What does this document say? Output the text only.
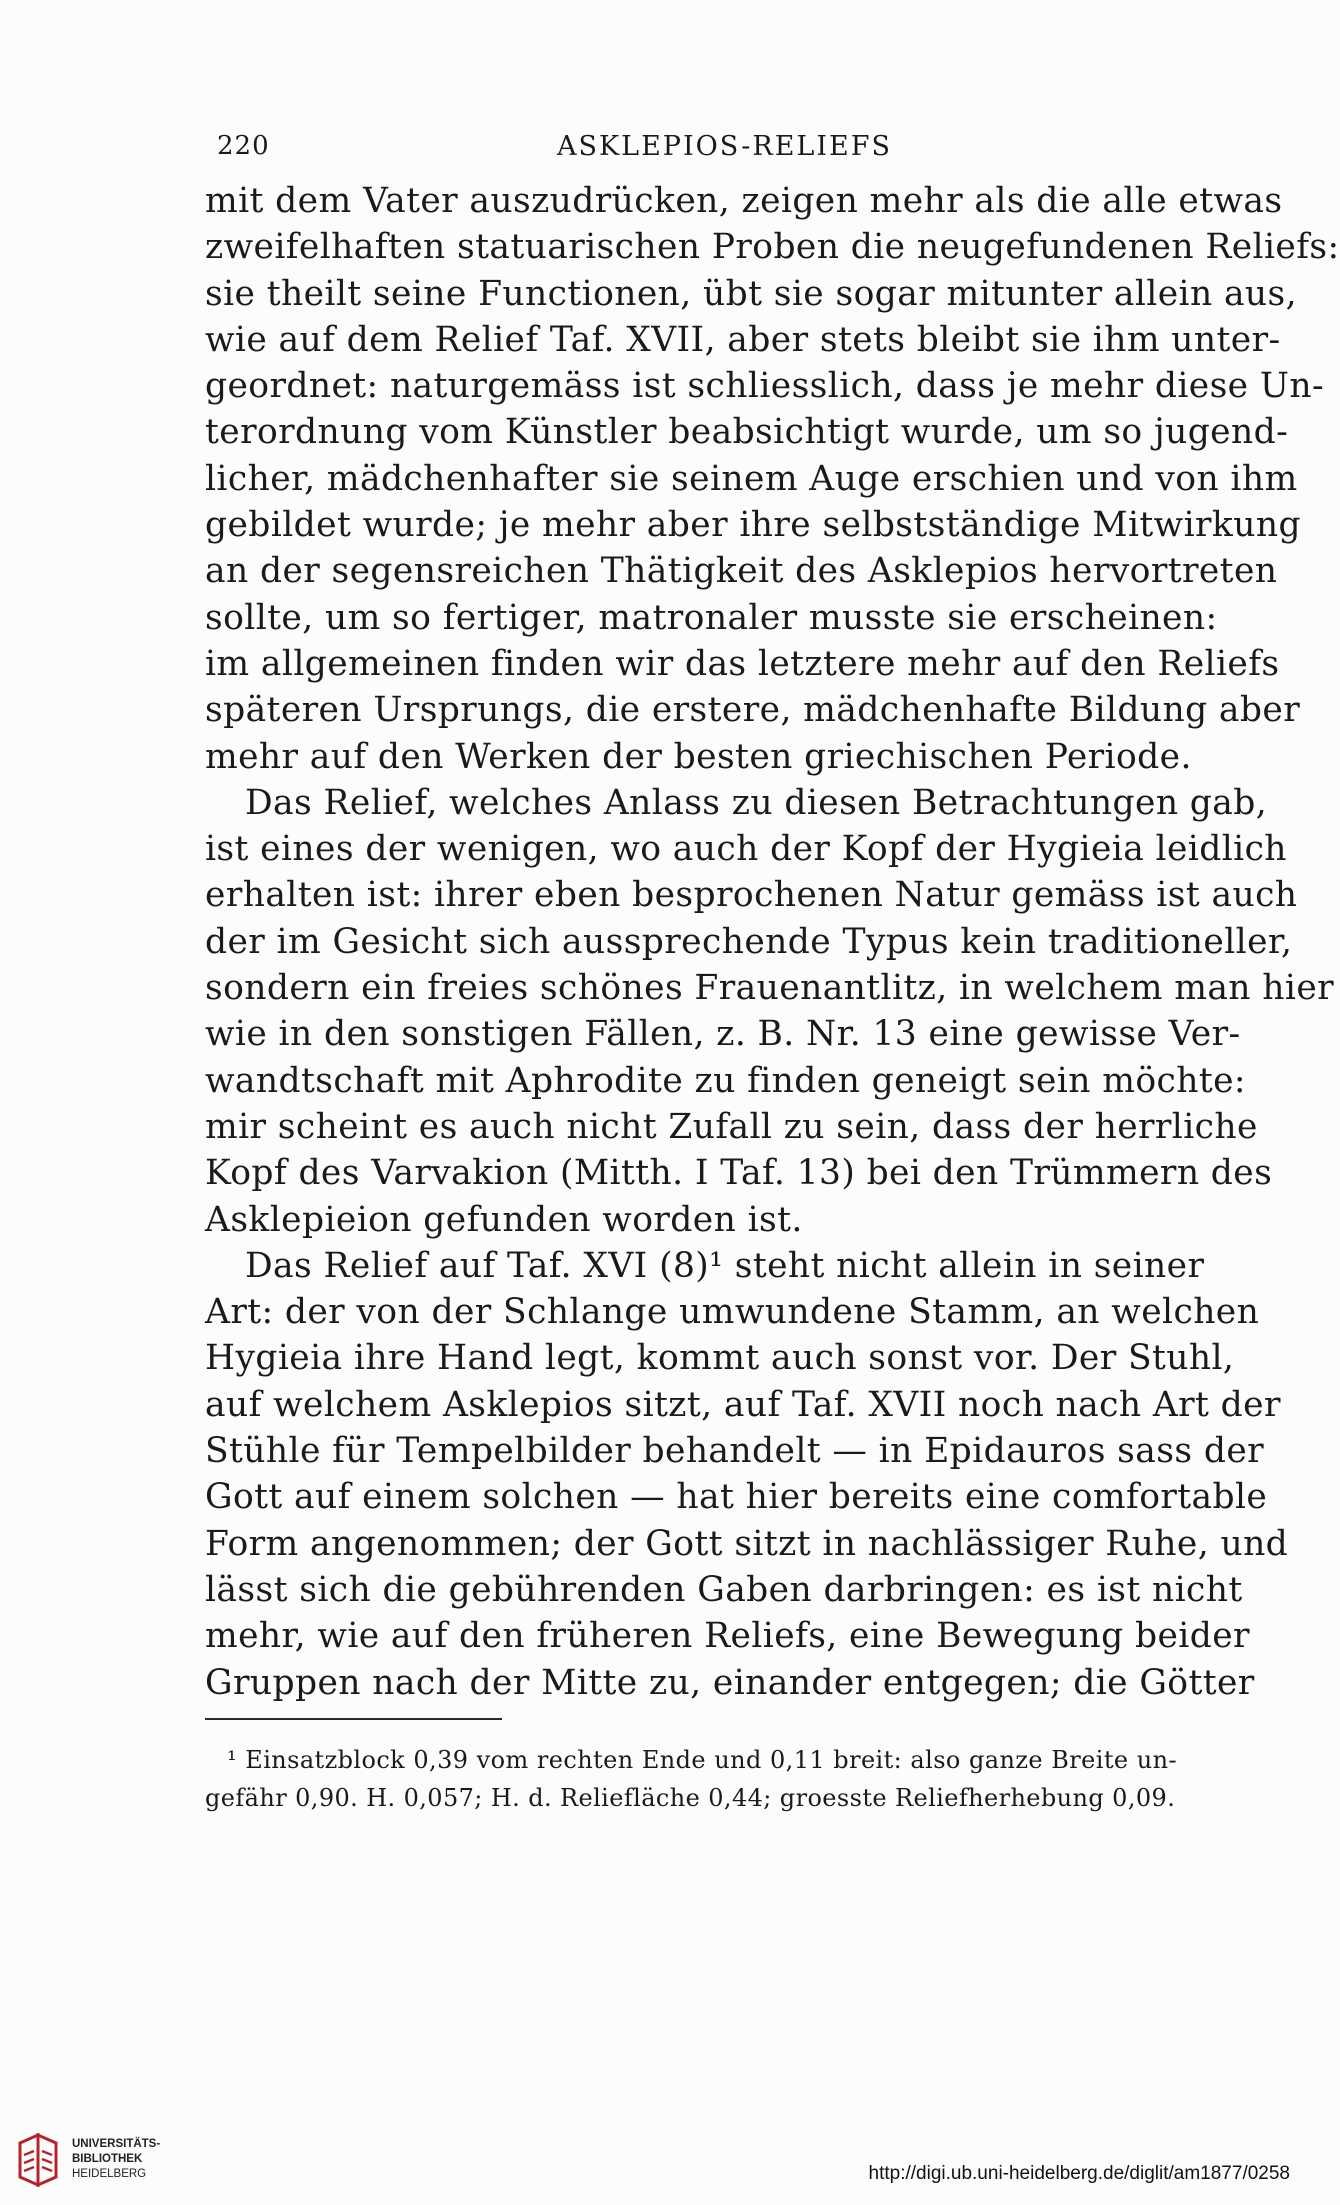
220	ASKLEPIOS-RELIEFS
mit dem Vater auszudrücken, zeigen mehr als die alle etwas
zweifelhaften statuarischen Proben die neugefundenen Reliefs:
sie theilt seine Functionen, übt sie sogar mitunter allein aus,
wie auf dem Relief Taf. XVII, aber stets bleibt sie ihm unter-
geordnet: naturgemäss ist schliesslich, dass je mehr diese Un-
terordnung vom Künstler beabsichtigt wurde, um so jugend-
licher, mädchenhafter sie seinem Auge erschien und von ihm
gebildet wurde; je mehr aber ihre selbstständige Mitwirkung
an der segensreichen Thätigkeit des Asklepios hervortreten
sollte, um so fertiger, matronaler musste sie erscheinen:
im allgemeinen finden wir das letztere mehr auf den Reliefs
späteren Ursprungs, die erstere, mädchenhafte Bildung aber
mehr auf den Werken der besten griechischen Periode.
Das Relief, welches Anlass zu diesen Betrachtungen gab,
ist eines der wenigen, wo auch der Kopf der Hygieia leidlich
erhalten ist: ihrer eben besprochenen Natur gemäss ist auch
der im Gesicht sich aussprechende Typus kein traditioneller,
sondern ein freies schönes Frauenantlitz, in welchem man hier
wie in den sonstigen Fällen, z. B. Nr. 13 eine gewisse Ver-
wandtschaft mit Aphrodite zu finden geneigt sein möchte:
mir scheint es auch nicht Zufall zu sein, dass der herrliche
Kopf des Varvakion (Mitth. I Taf. 13) bei den Trümmern des
Asklepieion gefunden worden ist.
Das Relief auf Taf. XVI (8)¹ steht nicht allein in seiner
Art: der von der Schlange umwundene Stamm, an welchen
Hygieia ihre Hand legt, kommt auch sonst vor. Der Stuhl,
auf welchem Asklepios sitzt, auf Taf. XVII noch nach Art der
Stühle für Tempelbilder behandelt — in Epidauros sass der
Gott auf einem solchen — hat hier bereits eine comfortable
Form angenommen; der Gott sitzt in nachlässiger Ruhe, und
lässt sich die gebührenden Gaben darbringen: es ist nicht
mehr, wie auf den früheren Reliefs, eine Bewegung beider
Gruppen nach der Mitte zu, einander entgegen; die Götter
¹ Einsatzblock 0,39 vom rechten Ende und 0,11 breit: also ganze Breite un-
gefähr 0,90. H. 0,057; H. d. Reliefläche 0,44; groesste Reliefherhebung 0,09.
UNIVERSITÄTS-
BIBLIOTHEK
HEIDELBERG	http://digi.ub.uni-heidelberg.de/diglit/am1877/0258
